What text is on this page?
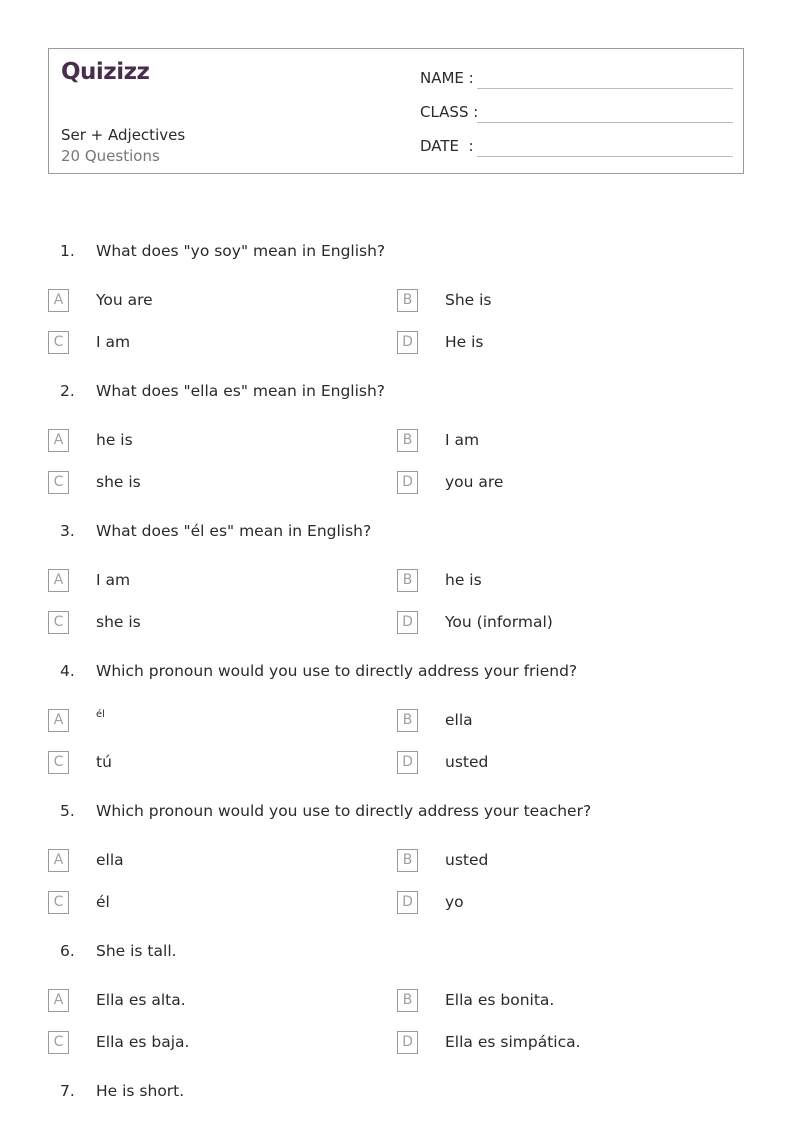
Quizizz
Ser + Adjectives
20 Questions
NAME :
CLASS :
DATE  :
1. What does "yo soy" mean in English?
A	You are	B	She is
C	I am	D	He is
2. What does "ella es" mean in English?
A	he is	B	I am
C	she is	D	you are
3. What does "él es" mean in English?
A	I am	B	he is
C	she is	D	You (informal)
4. Which pronoun would you use to directly address your friend?
A	él	B	ella
C	tú	D	usted
5. Which pronoun would you use to directly address your teacher?
A	ella	B	usted
C	él	D	yo
6. She is tall.
A	Ella es alta.	B	Ella es bonita.
C	Ella es baja.	D	Ella es simpática.
7. He is short.
